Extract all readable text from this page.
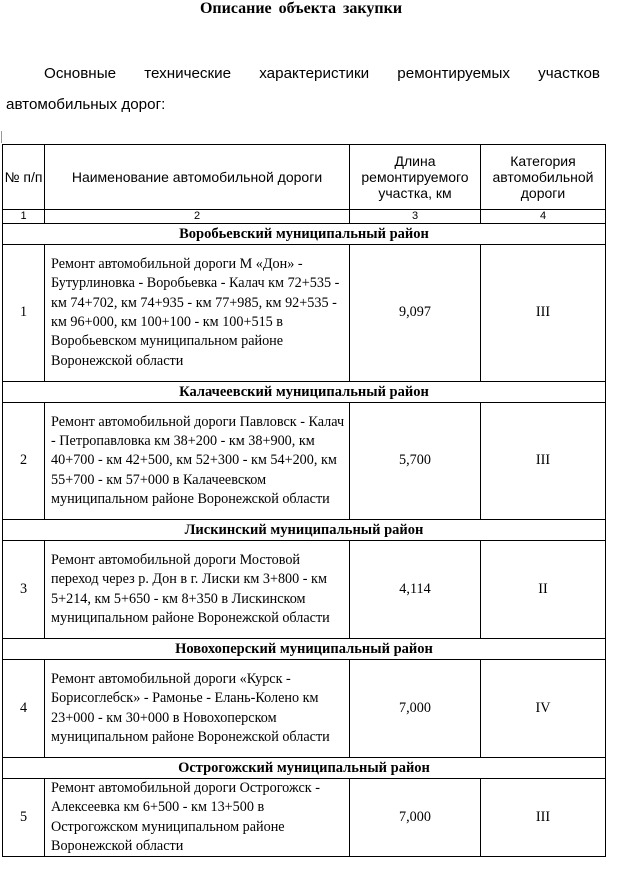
Описание объекта закупки

Основные технические характеристики ремонтируемых участков автомобильных дорог:

№ п/п	Наименование автомобильной дороги	Длина ремонтируемого участка, км	Категория автомобильной дороги
1	2	3	4
Воробьевский муниципальный район			
1	Ремонт автомобильной дороги М «Дон» - Бутурлиновка - Воробьевка - Калач км 72+535 - км 74+702, км 74+935 - км 77+985, км 92+535 - км 96+000, км 100+100 - км 100+515 в Воробьевском муниципальном районе Воронежской области	9,097	III
Калачеевский муниципальный район			
2	Ремонт автомобильной дороги Павловск - Калач - Петропавловка км 38+200 - км 38+900, км 40+700 - км 42+500, км 52+300 - км 54+200, км 55+700 - км 57+000 в Калачеевском муниципальном районе Воронежской области	5,700	III
Лискинский муниципальный район			
3	Ремонт автомобильной дороги Мостовой переход через р. Дон в г. Лиски км 3+800 - км 5+214, км 5+650 - км 8+350 в Лискинском муниципальном районе Воронежской области	4,114	II
Новохоперский муниципальный район			
4	Ремонт автомобильной дороги «Курск - Борисоглебск» - Рамонье - Елань-Колено км 23+000 - км 30+000 в Новохоперском муниципальном районе Воронежской области	7,000	IV
Острогожский муниципальный район			
5	Ремонт автомобильной дороги Острогожск - Алексеевка км 6+500 - км 13+500 в Острогожском муниципальном районе Воронежской области	7,000	III
